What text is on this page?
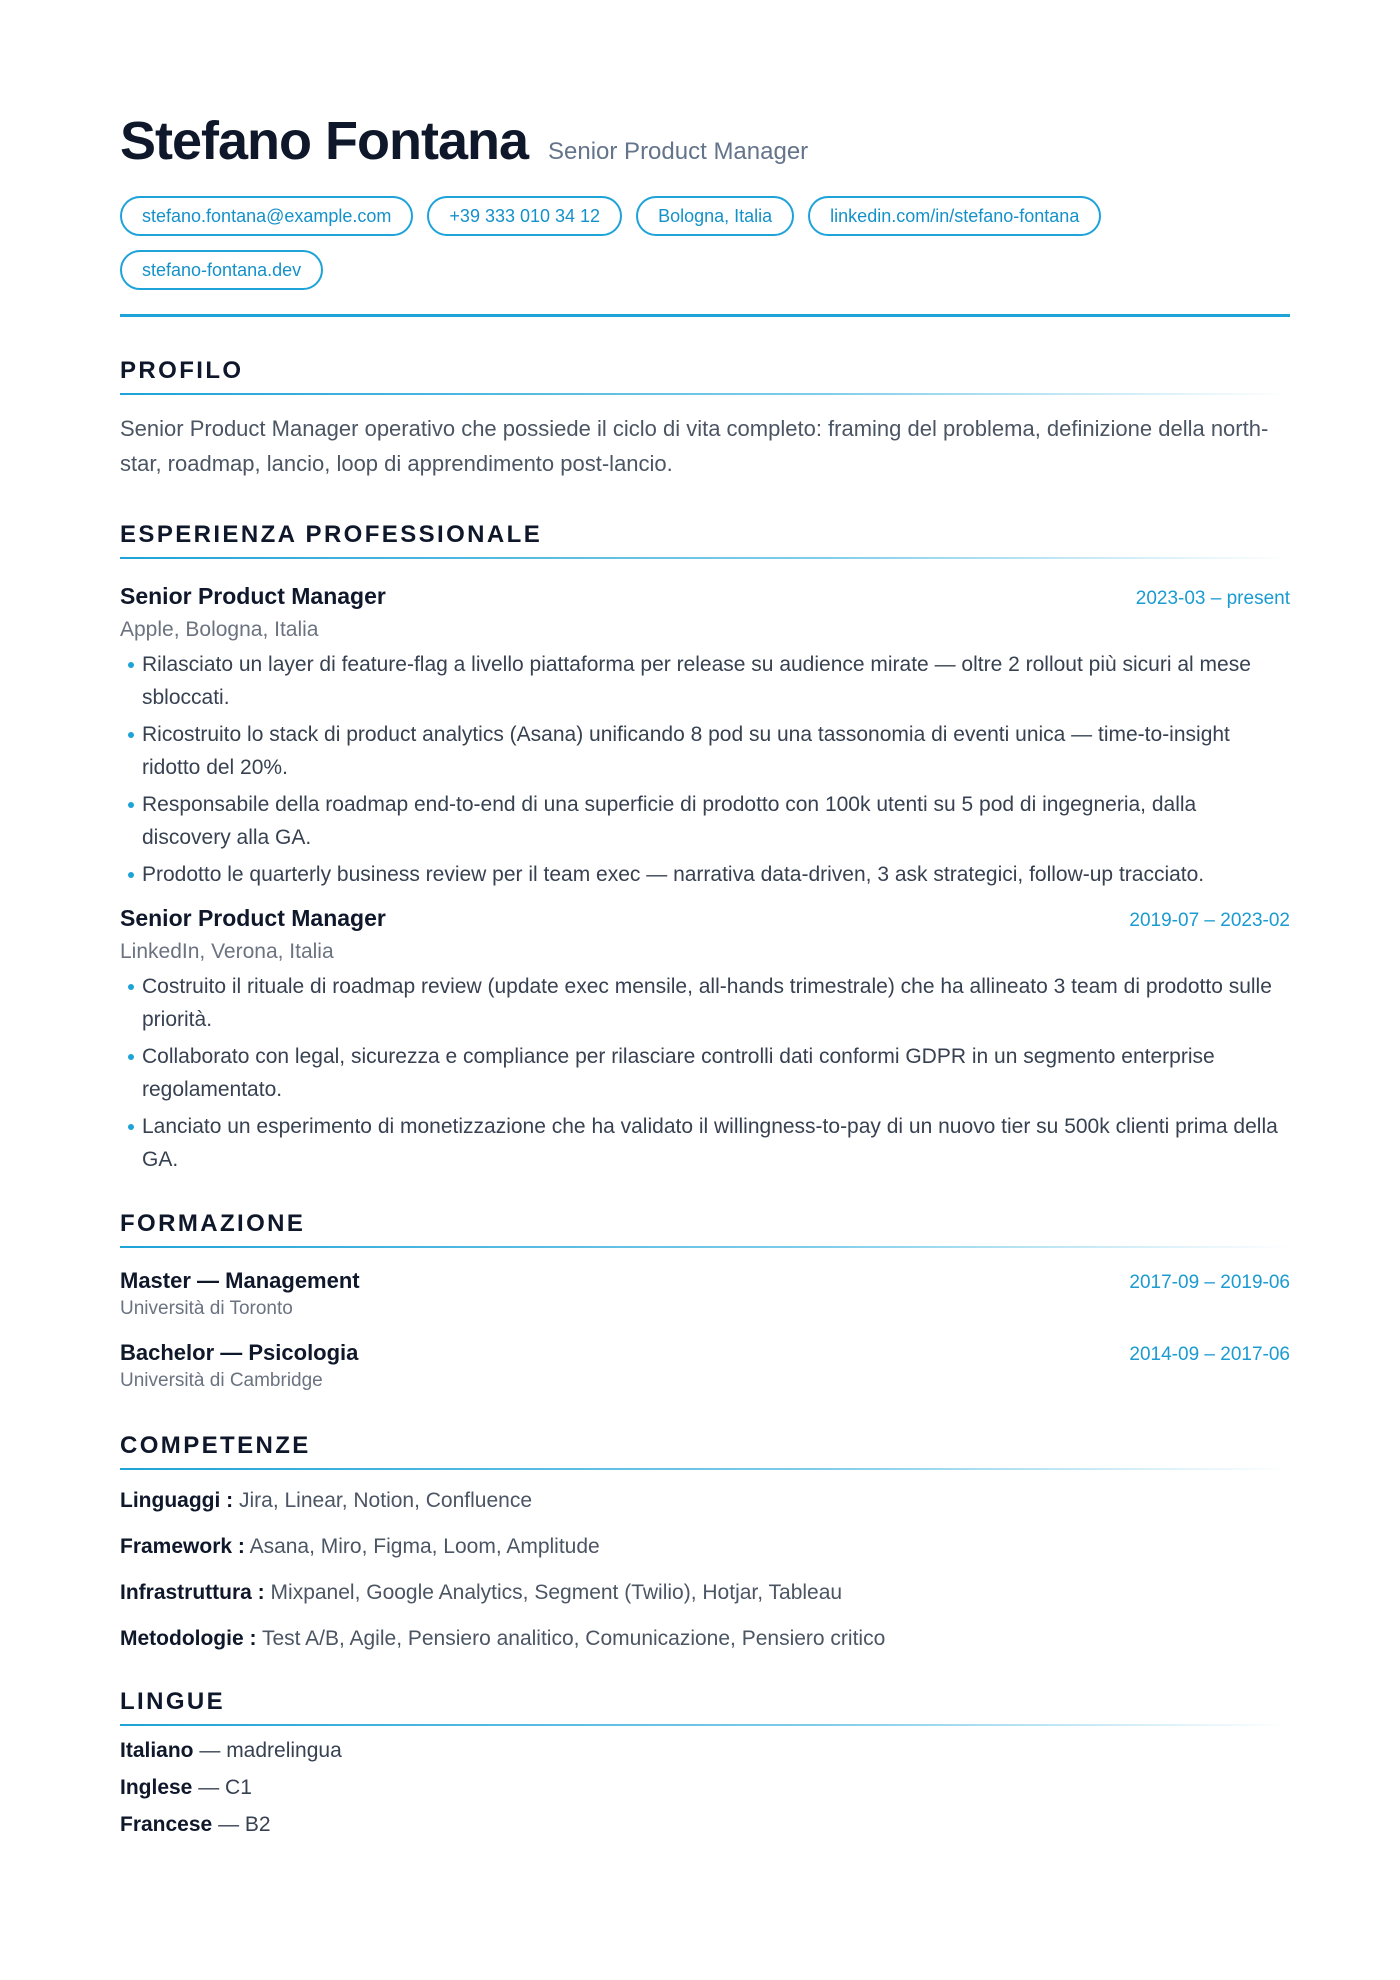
Stefano Fontana Senior Product Manager
stefano.fontana@example.com	+39 333 010 34 12	Bologna, Italia	linkedin.com/in/stefano-fontana
stefano-fontana.dev
PROFILO
Senior Product Manager operativo che possiede il ciclo di vita completo: framing del problema, definizione della north-star, roadmap, lancio, loop di apprendimento post-lancio.
ESPERIENZA PROFESSIONALE
Senior Product Manager	2023-03 – present
Apple, Bologna, Italia
Rilasciato un layer di feature-flag a livello piattaforma per release su audience mirate — oltre 2 rollout più sicuri al mese sbloccati.
Ricostruito lo stack di product analytics (Asana) unificando 8 pod su una tassonomia di eventi unica — time-to-insight ridotto del 20%.
Responsabile della roadmap end-to-end di una superficie di prodotto con 100k utenti su 5 pod di ingegneria, dalla discovery alla GA.
Prodotto le quarterly business review per il team exec — narrativa data-driven, 3 ask strategici, follow-up tracciato.
Senior Product Manager	2019-07 – 2023-02
LinkedIn, Verona, Italia
Costruito il rituale di roadmap review (update exec mensile, all-hands trimestrale) che ha allineato 3 team di prodotto sulle priorità.
Collaborato con legal, sicurezza e compliance per rilasciare controlli dati conformi GDPR in un segmento enterprise regolamentato.
Lanciato un esperimento di monetizzazione che ha validato il willingness-to-pay di un nuovo tier su 500k clienti prima della GA.
FORMAZIONE
Master — Management	2017-09 – 2019-06
Università di Toronto
Bachelor — Psicologia	2014-09 – 2017-06
Università di Cambridge
COMPETENZE
Linguaggi : Jira, Linear, Notion, Confluence
Framework : Asana, Miro, Figma, Loom, Amplitude
Infrastruttura : Mixpanel, Google Analytics, Segment (Twilio), Hotjar, Tableau
Metodologie : Test A/B, Agile, Pensiero analitico, Comunicazione, Pensiero critico
LINGUE
Italiano — madrelingua
Inglese — C1
Francese — B2
